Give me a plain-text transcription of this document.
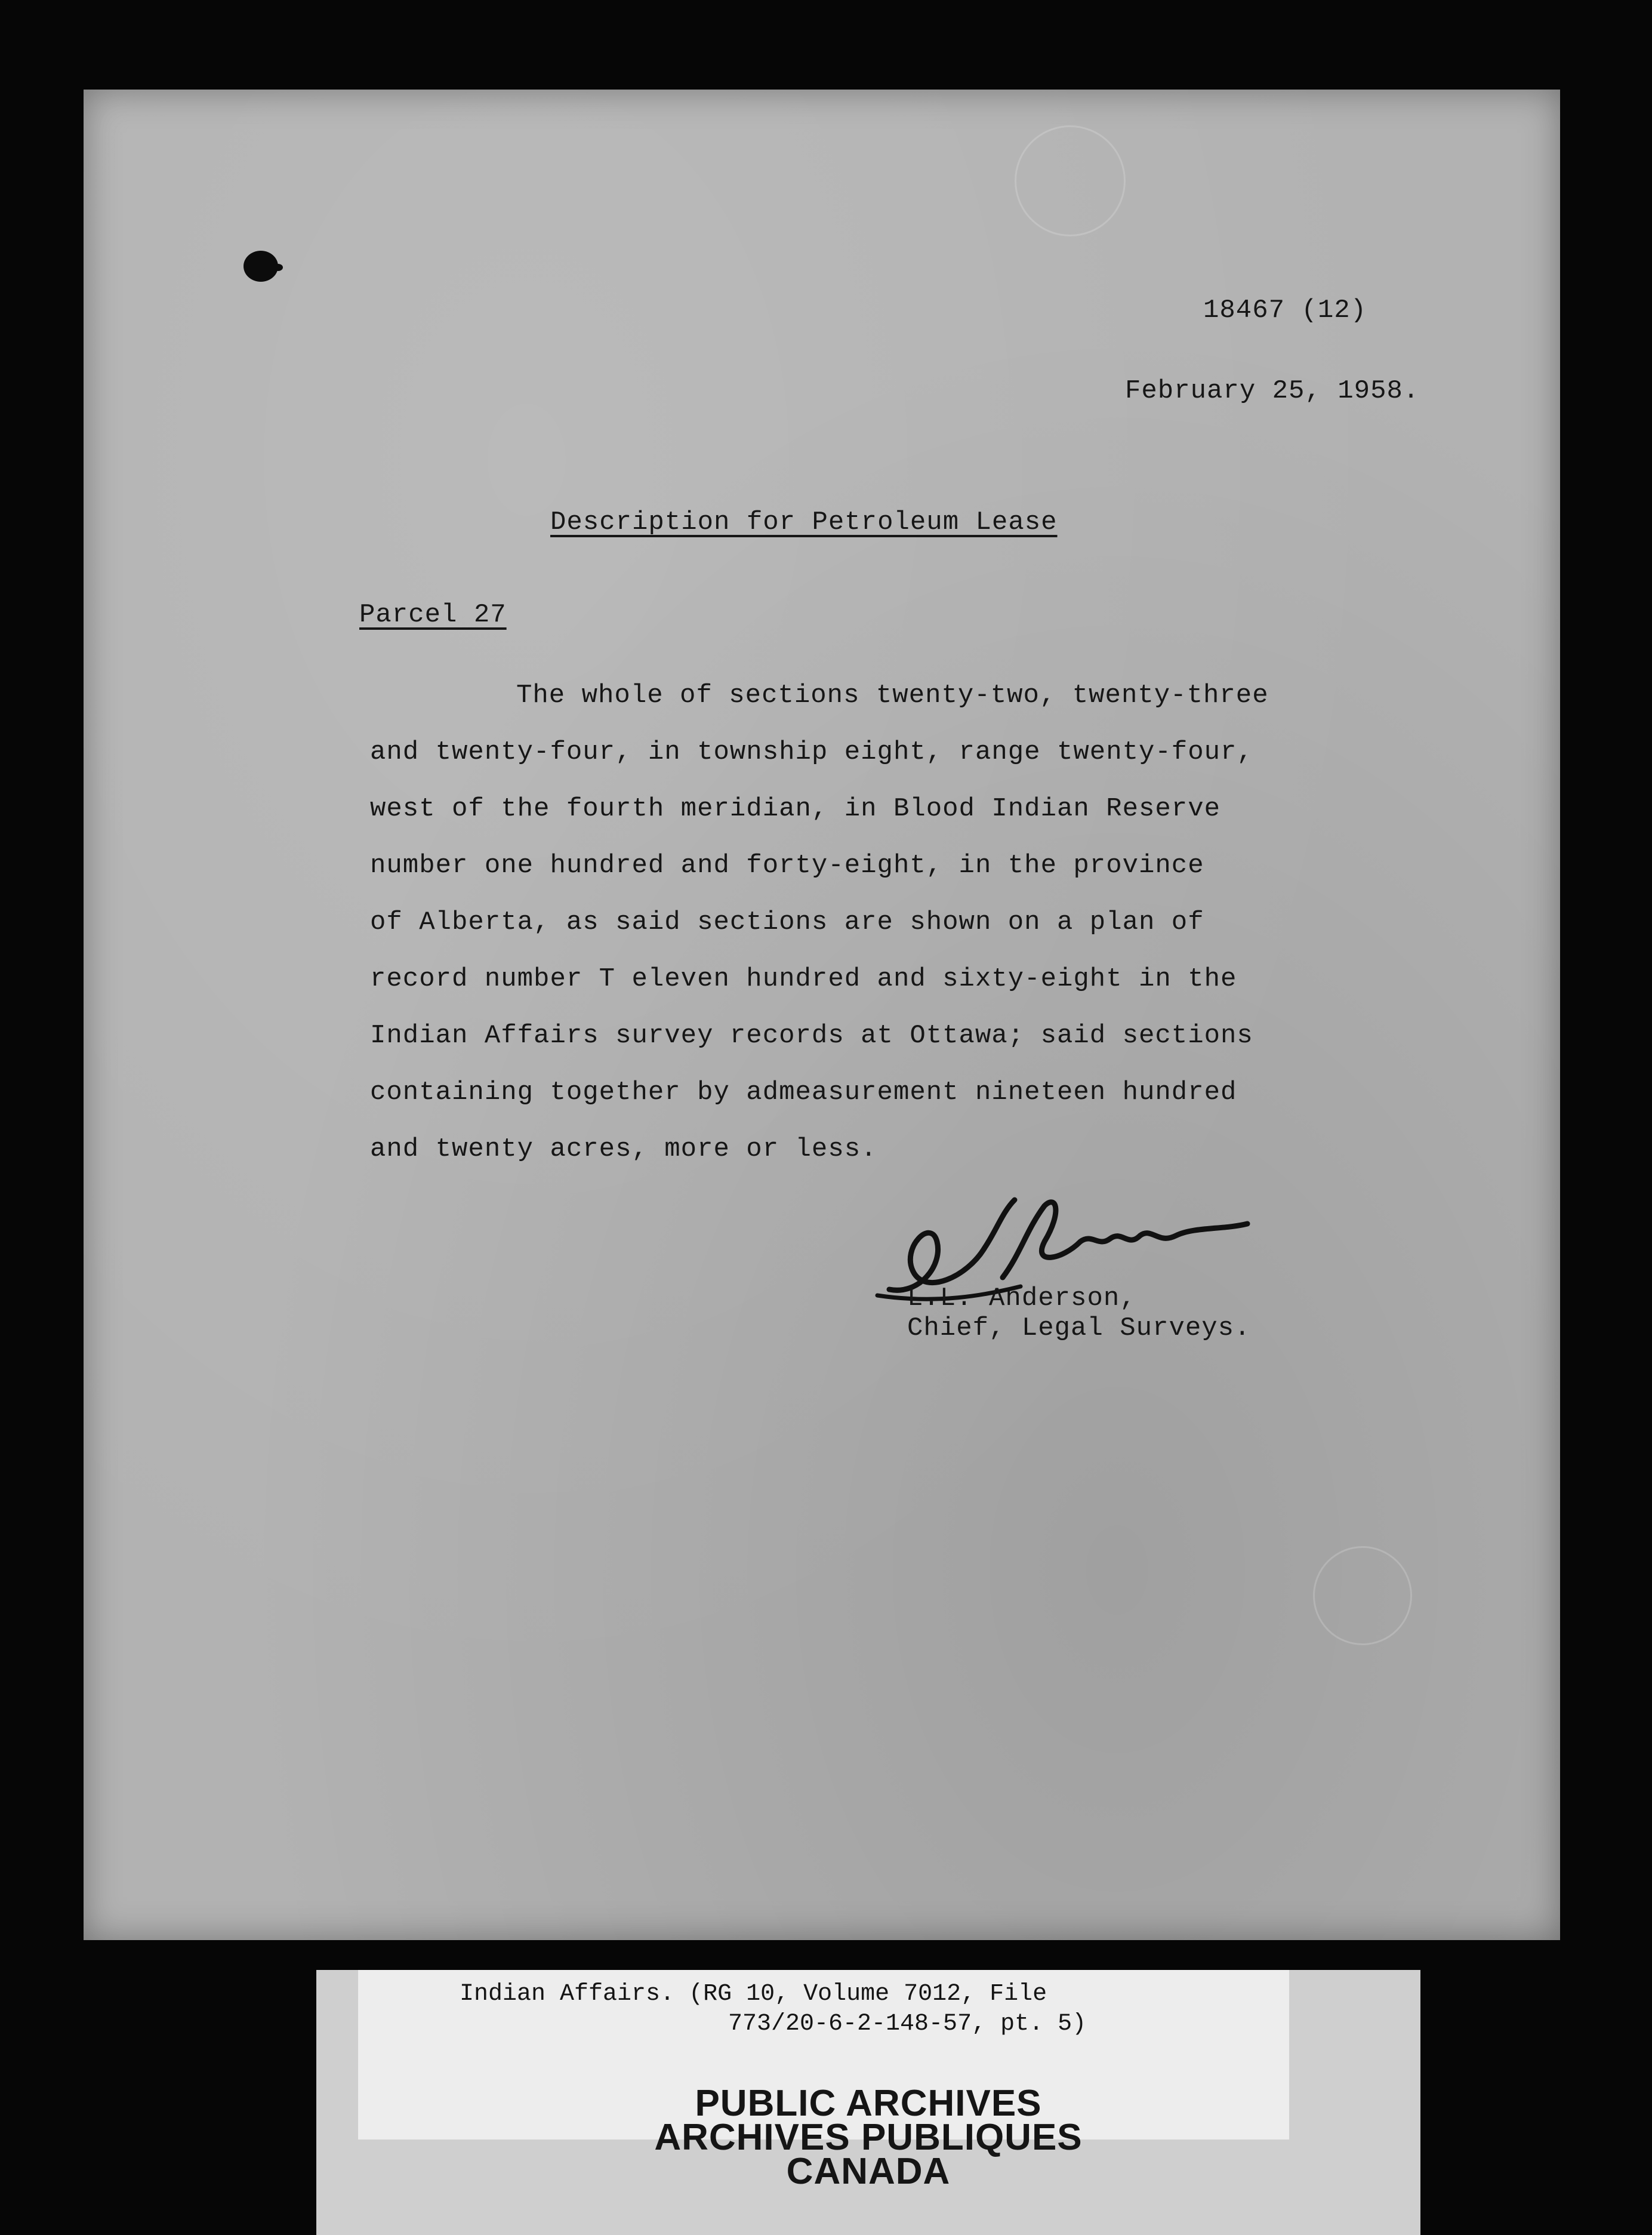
18467 (12)
February 25, 1958.
Description for Petroleum Lease
Parcel 27
The whole of sections twenty-two, twenty-three
and twenty-four, in township eight, range twenty-four,
west of the fourth meridian, in Blood Indian Reserve
number one hundred and forty-eight, in the province
of Alberta, as said sections are shown on a plan of
record number T eleven hundred and sixty-eight in the
Indian Affairs survey records at Ottawa; said sections
containing together by admeasurement nineteen hundred
and twenty acres, more or less.
L.L. Anderson,
Chief, Legal Surveys.
Indian Affairs. (RG 10, Volume 7012, File
773/20-6-2-148-57, pt. 5)
PUBLIC ARCHIVES
ARCHIVES PUBLIQUES
CANADA
